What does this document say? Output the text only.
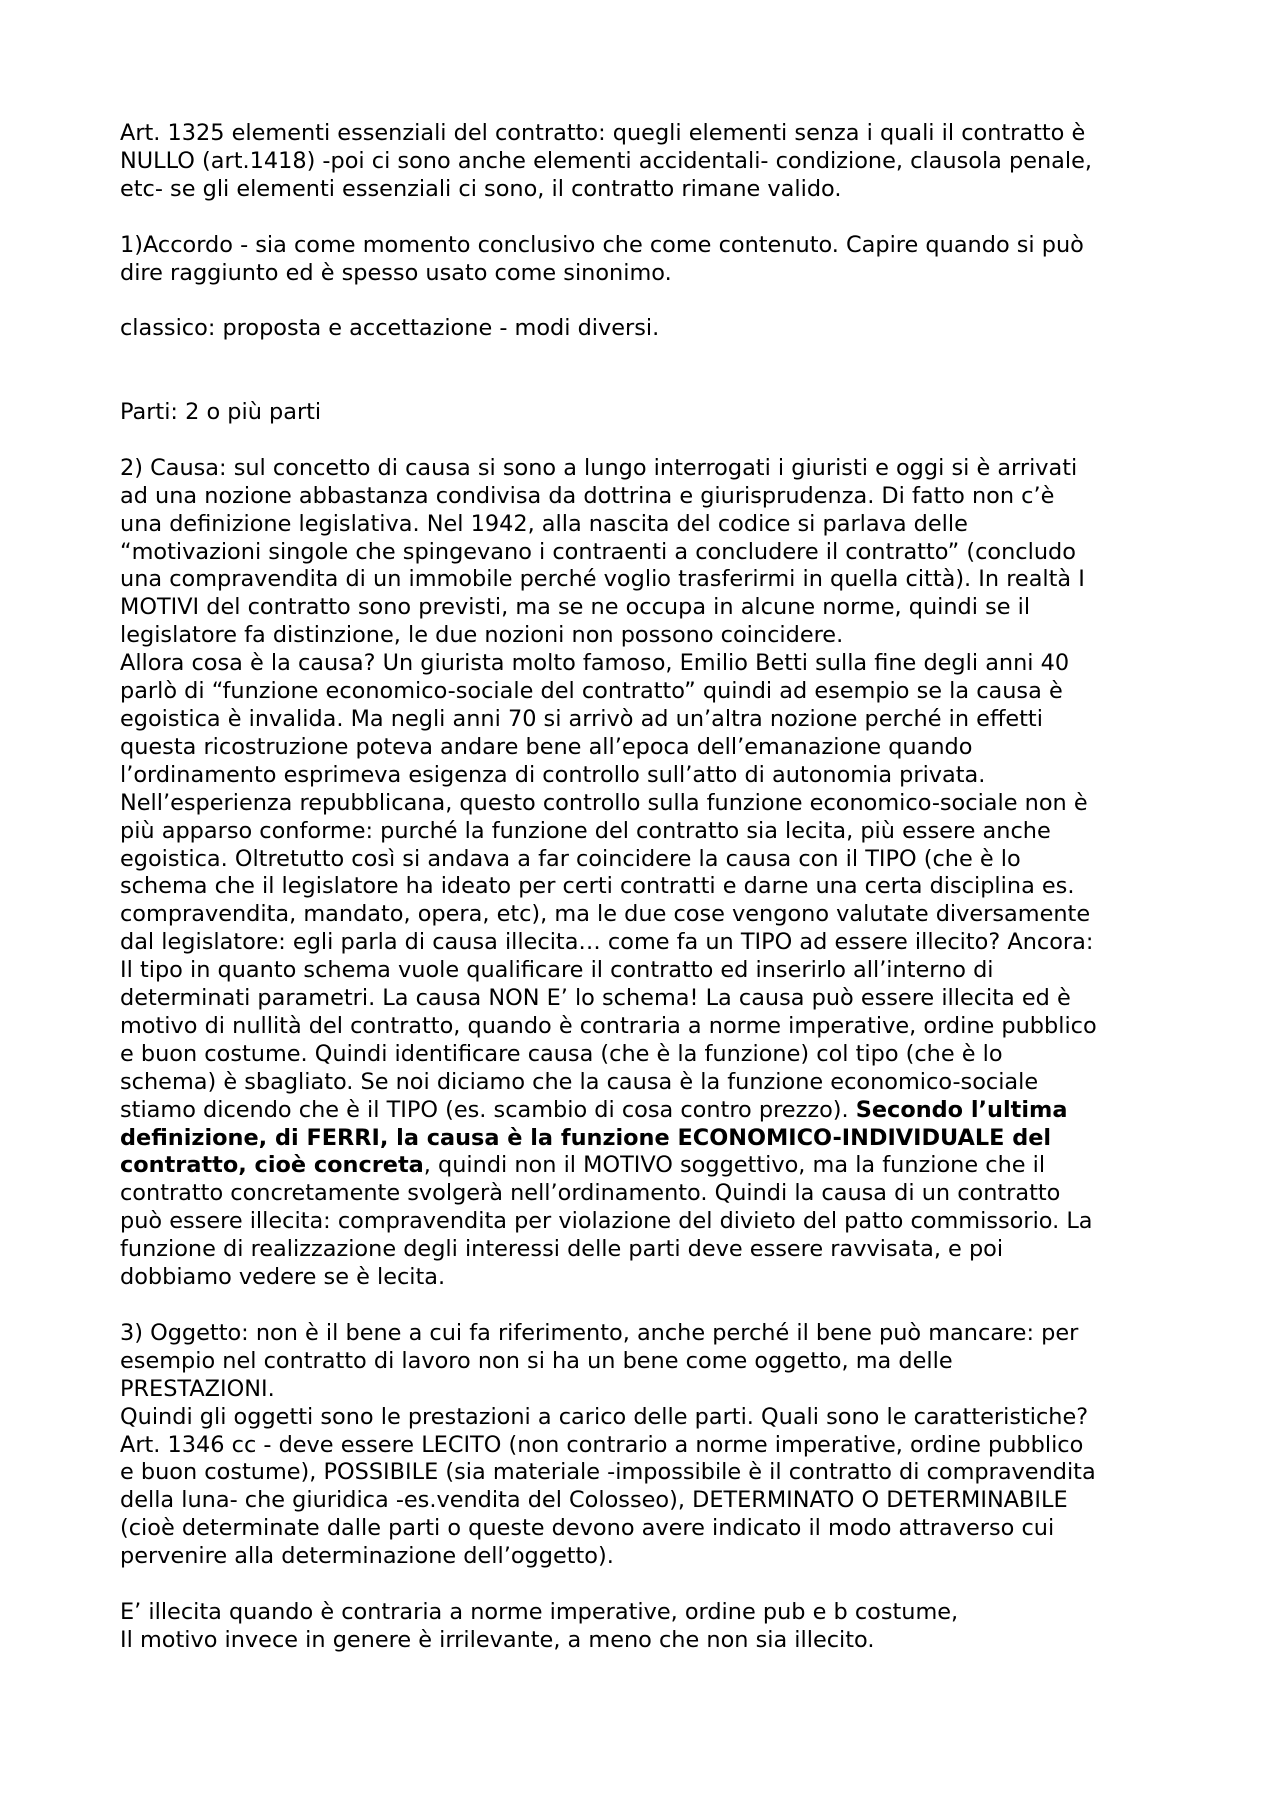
Art. 1325 elementi essenziali del contratto: quegli elementi senza i quali il contratto è

NULLO (art.1418) -poi ci sono anche elementi accidentali- condizione, clausola penale,

etc- se gli elementi essenziali ci sono, il contratto rimane valido.

1)Accordo - sia come momento conclusivo che come contenuto. Capire quando si può

dire raggiunto ed è spesso usato come sinonimo.

classico: proposta e accettazione - modi diversi.

Parti: 2 o più parti

2) Causa: sul concetto di causa si sono a lungo interrogati i giuristi e oggi si è arrivati

ad una nozione abbastanza condivisa da dottrina e giurisprudenza. Di fatto non c’è

una definizione legislativa. Nel 1942, alla nascita del codice si parlava delle

“motivazioni singole che spingevano i contraenti a concludere il contratto” (concludo

una compravendita di un immobile perché voglio trasferirmi in quella città). In realtà I

MOTIVI del contratto sono previsti, ma se ne occupa in alcune norme, quindi se il

legislatore fa distinzione, le due nozioni non possono coincidere.

Allora cosa è la causa? Un giurista molto famoso, Emilio Betti sulla fine degli anni 40

parlò di “funzione economico-sociale del contratto” quindi ad esempio se la causa è

egoistica è invalida. Ma negli anni 70 si arrivò ad un’altra nozione perché in effetti

questa ricostruzione poteva andare bene all’epoca dell’emanazione quando

l’ordinamento esprimeva esigenza di controllo sull’atto di autonomia privata.

Nell’esperienza repubblicana, questo controllo sulla funzione economico-sociale non è

più apparso conforme: purché la funzione del contratto sia lecita, più essere anche

egoistica. Oltretutto così si andava a far coincidere la causa con il TIPO (che è lo

schema che il legislatore ha ideato per certi contratti e darne una certa disciplina es.

compravendita, mandato, opera, etc), ma le due cose vengono valutate diversamente

dal legislatore: egli parla di causa illecita… come fa un TIPO ad essere illecito? Ancora:

Il tipo in quanto schema vuole qualificare il contratto ed inserirlo all’interno di

determinati parametri. La causa NON E’ lo schema! La causa può essere illecita ed è

motivo di nullità del contratto, quando è contraria a norme imperative, ordine pubblico

e buon costume. Quindi identificare causa (che è la funzione) col tipo (che è lo

schema) è sbagliato. Se noi diciamo che la causa è la funzione economico-sociale

stiamo dicendo che è il TIPO (es. scambio di cosa contro prezzo). Secondo l’ultima

definizione, di FERRI, la causa è la funzione ECONOMICO-INDIVIDUALE del

contratto, cioè concreta, quindi non il MOTIVO soggettivo, ma la funzione che il

contratto concretamente svolgerà nell’ordinamento. Quindi la causa di un contratto

può essere illecita: compravendita per violazione del divieto del patto commissorio. La

funzione di realizzazione degli interessi delle parti deve essere ravvisata, e poi

dobbiamo vedere se è lecita.

3) Oggetto: non è il bene a cui fa riferimento, anche perché il bene può mancare: per

esempio nel contratto di lavoro non si ha un bene come oggetto, ma delle

PRESTAZIONI.

Quindi gli oggetti sono le prestazioni a carico delle parti. Quali sono le caratteristiche?

Art. 1346 cc - deve essere LECITO (non contrario a norme imperative, ordine pubblico

e buon costume), POSSIBILE (sia materiale -impossibile è il contratto di compravendita

della luna- che giuridica -es.vendita del Colosseo), DETERMINATO O DETERMINABILE

(cioè determinate dalle parti o queste devono avere indicato il modo attraverso cui

pervenire alla determinazione dell’oggetto).

E’ illecita quando è contraria a norme imperative, ordine pub e b costume,

Il motivo invece in genere è irrilevante, a meno che non sia illecito.
